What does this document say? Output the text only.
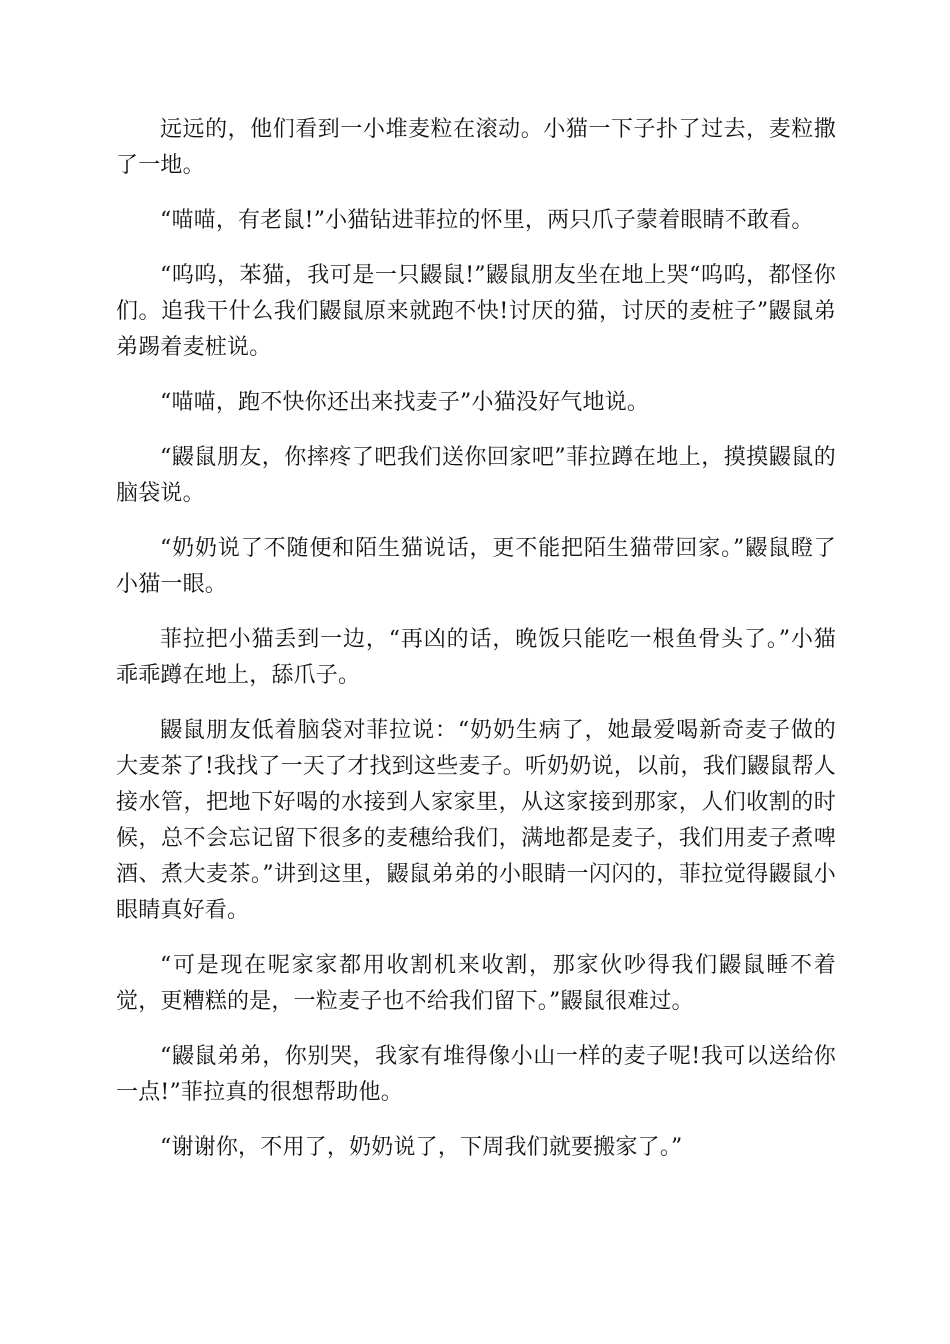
远远的，他们看到一小堆麦粒在滚动。小猫一下子扑了过去，麦粒撒了一地。

“喵喵，有老鼠!”小猫钻进菲拉的怀里，两只爪子蒙着眼睛不敢看。

“呜呜，苯猫，我可是一只鼹鼠!”鼹鼠朋友坐在地上哭“呜呜，都怪你们。追我干什么我们鼹鼠原来就跑不快!讨厌的猫，讨厌的麦桩子”鼹鼠弟弟踢着麦桩说。

“喵喵，跑不快你还出来找麦子”小猫没好气地说。

“鼹鼠朋友，你摔疼了吧我们送你回家吧”菲拉蹲在地上，摸摸鼹鼠的脑袋说。

“奶奶说了不随便和陌生猫说话，更不能把陌生猫带回家。”鼹鼠瞪了小猫一眼。

菲拉把小猫丢到一边，“再凶的话，晚饭只能吃一根鱼骨头了。”小猫乖乖蹲在地上，舔爪子。

鼹鼠朋友低着脑袋对菲拉说：“奶奶生病了，她最爱喝新奇麦子做的大麦茶了!我找了一天了才找到这些麦子。听奶奶说，以前，我们鼹鼠帮人接水管，把地下好喝的水接到人家家里，从这家接到那家，人们收割的时候，总不会忘记留下很多的麦穗给我们，满地都是麦子，我们用麦子煮啤酒、煮大麦茶。”讲到这里，鼹鼠弟弟的小眼睛一闪闪的，菲拉觉得鼹鼠小眼睛真好看。

“可是现在呢家家都用收割机来收割，那家伙吵得我们鼹鼠睡不着觉，更糟糕的是，一粒麦子也不给我们留下。”鼹鼠很难过。

“鼹鼠弟弟，你别哭，我家有堆得像小山一样的麦子呢!我可以送给你一点!”菲拉真的很想帮助他。

“谢谢你，不用了，奶奶说了，下周我们就要搬家了。”
